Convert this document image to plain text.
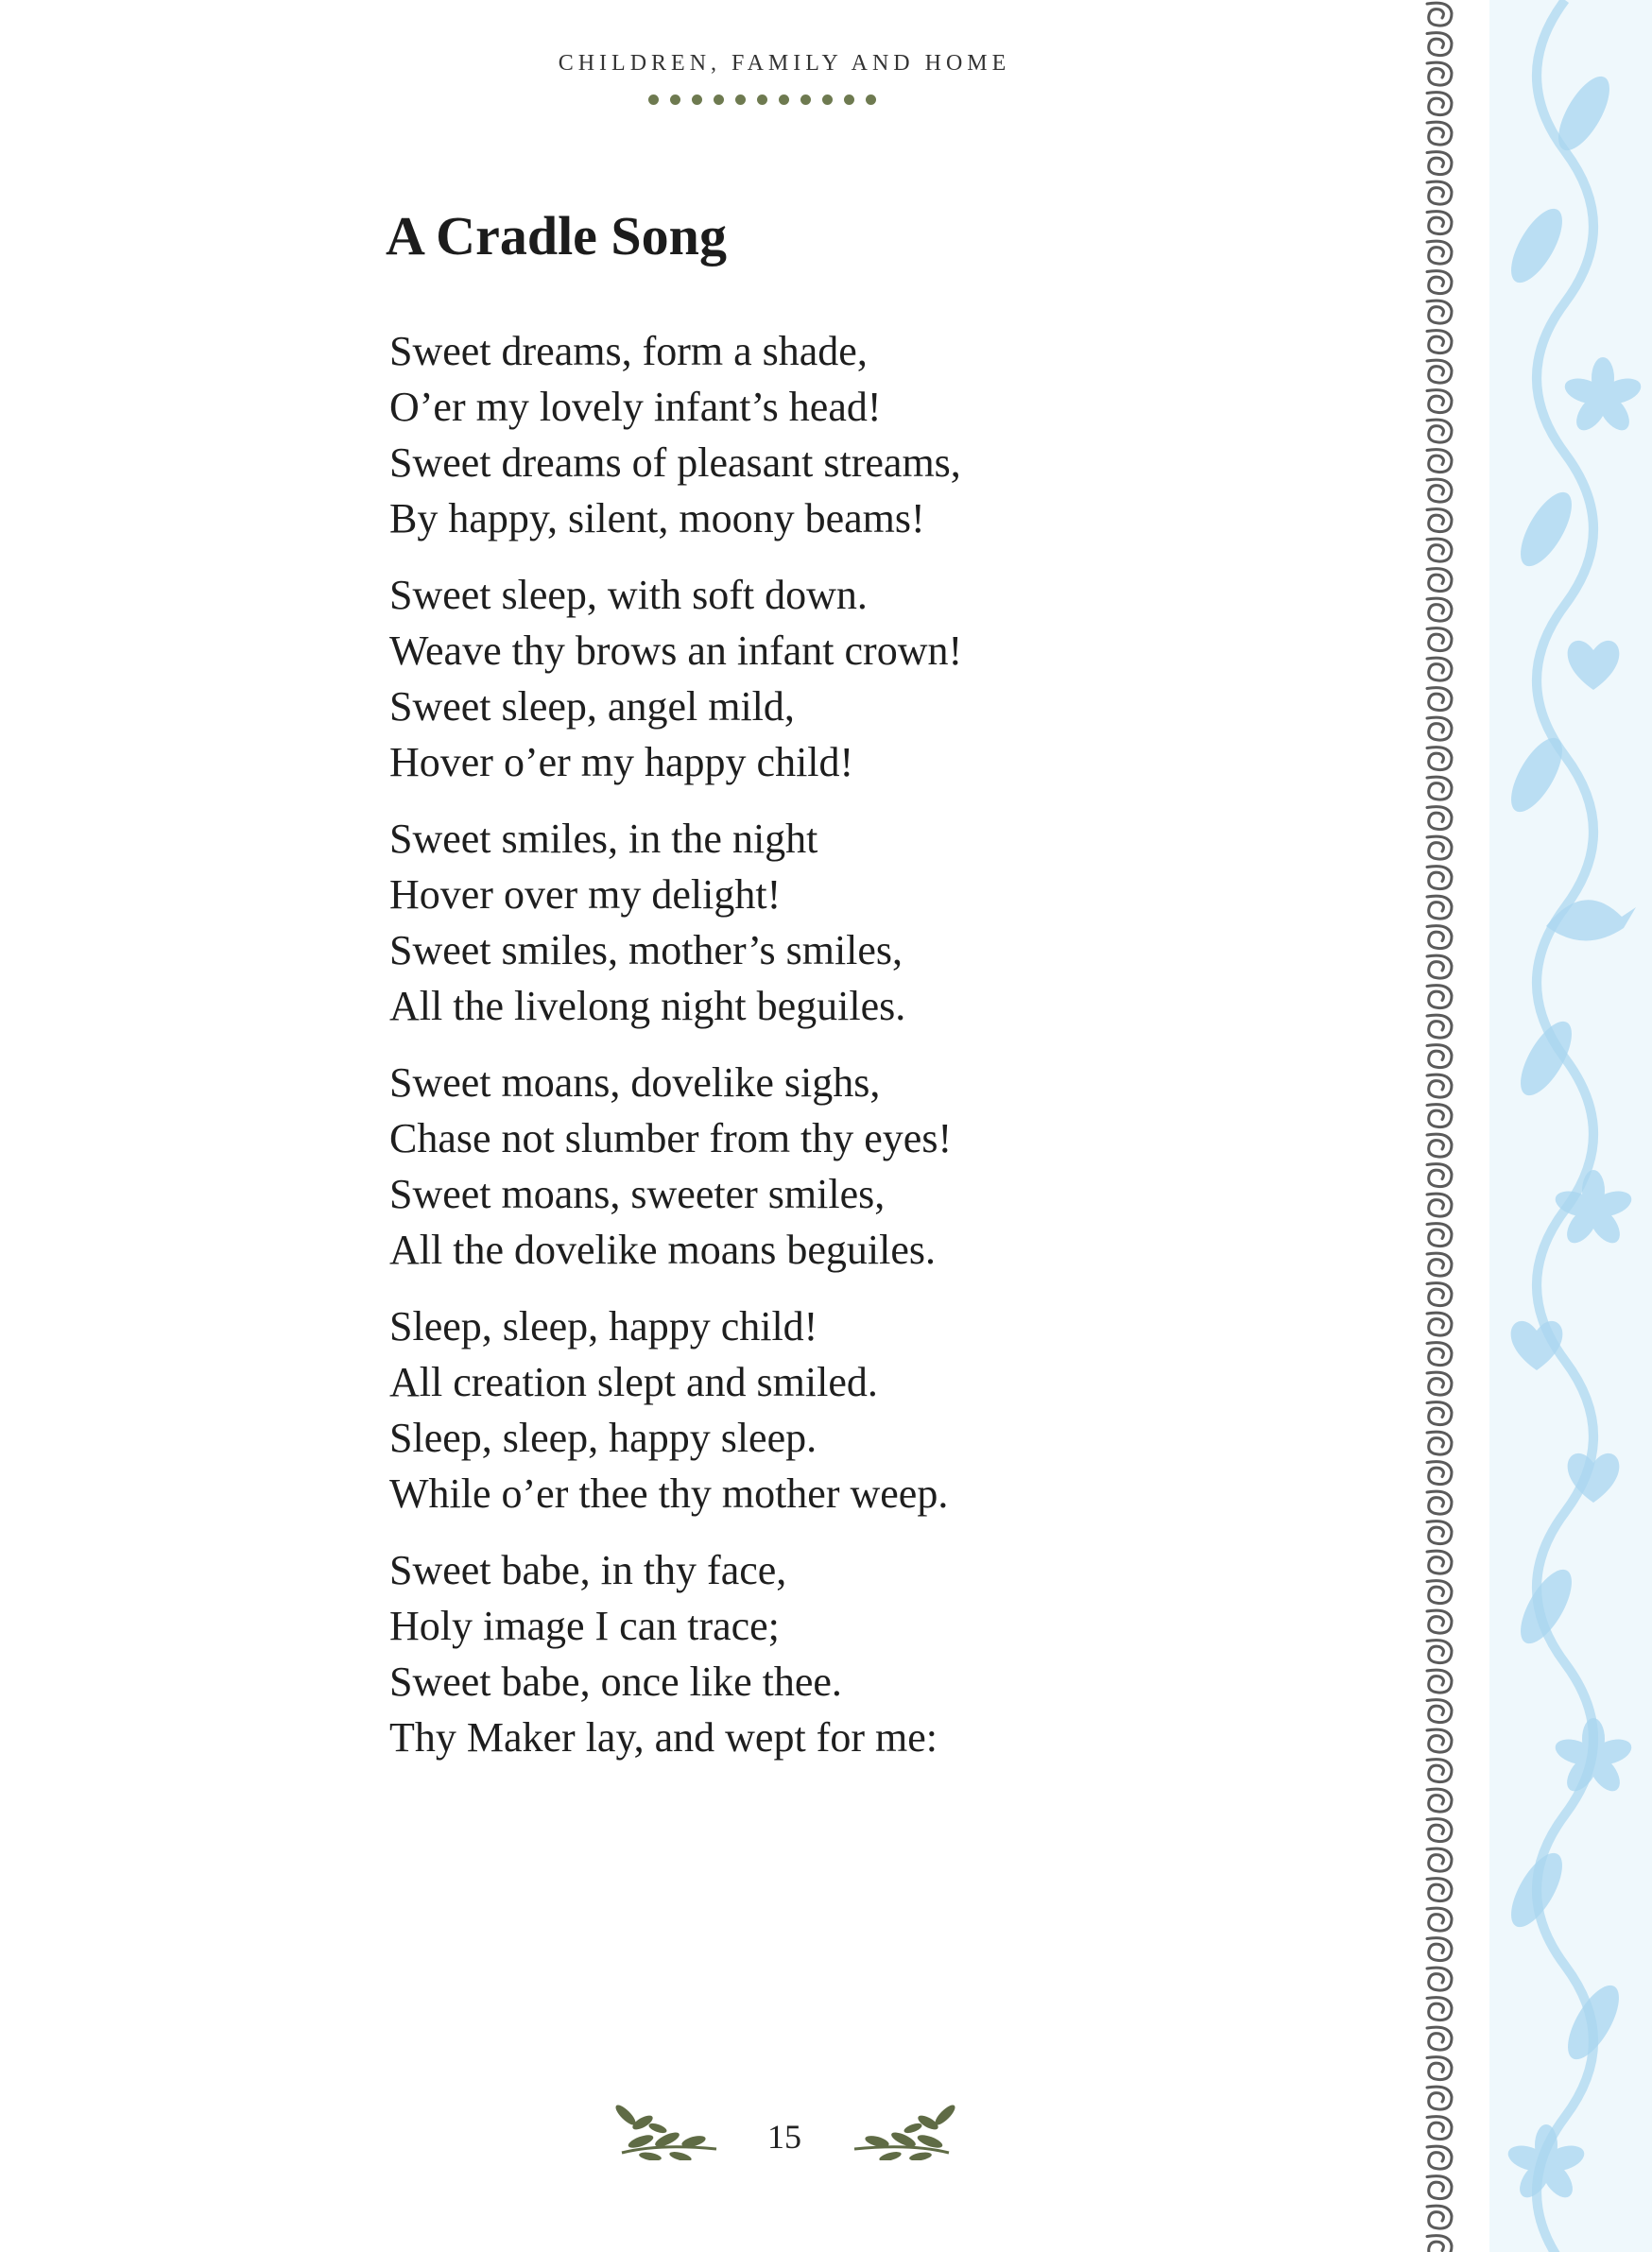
CHILDREN, FAMILY AND HOME
A Cradle Song
Sweet dreams, form a shade,
O’er my lovely infant’s head!
Sweet dreams of pleasant streams,
By happy, silent, moony beams!
Sweet sleep, with soft down.
Weave thy brows an infant crown!
Sweet sleep, angel mild,
Hover o’er my happy child!
Sweet smiles, in the night
Hover over my delight!
Sweet smiles, mother’s smiles,
All the livelong night beguiles.
Sweet moans, dovelike sighs,
Chase not slumber from thy eyes!
Sweet moans, sweeter smiles,
All the dovelike moans beguiles.
Sleep, sleep, happy child!
All creation slept and smiled.
Sleep, sleep, happy sleep.
While o’er thee thy mother weep.
Sweet babe, in thy face,
Holy image I can trace;
Sweet babe, once like thee.
Thy Maker lay, and wept for me:
15
